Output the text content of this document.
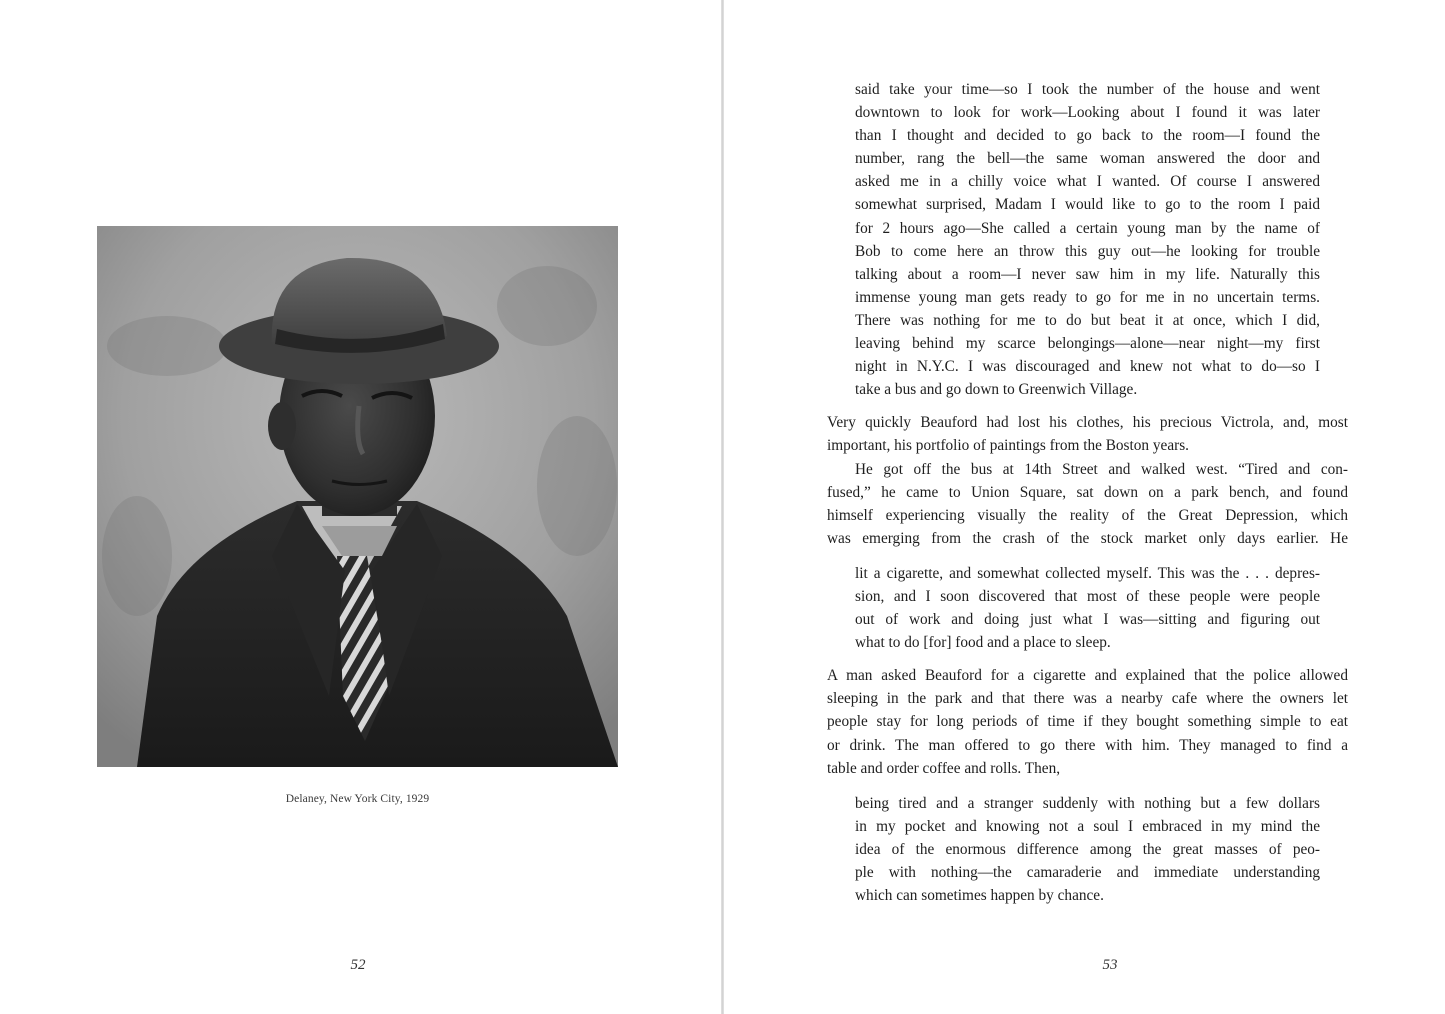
Delaney, New York City, 1929
52
said take your time—so I took the number of the house and went
downtown to look for work—Looking about I found it was later
than I thought and decided to go back to the room—I found the
number, rang the bell—the same woman answered the door and
asked me in a chilly voice what I wanted. Of course I answered
somewhat surprised, Madam I would like to go to the room I paid
for 2 hours ago—She called a certain young man by the name of
Bob to come here an throw this guy out—he looking for trouble
talking about a room—I never saw him in my life. Naturally this
immense young man gets ready to go for me in no uncertain terms.
There was nothing for me to do but beat it at once, which I did,
leaving behind my scarce belongings—alone—near night—my first
night in N.Y.C. I was discouraged and knew not what to do—so I
take a bus and go down to Greenwich Village.
Very quickly Beauford had lost his clothes, his precious Victrola, and, most
important, his portfolio of paintings from the Boston years.
He got off the bus at 14th Street and walked west. “Tired and con-
fused,” he came to Union Square, sat down on a park bench, and found
himself experiencing visually the reality of the Great Depression, which
was emerging from the crash of the stock market only days earlier. He
lit a cigarette, and somewhat collected myself. This was the . . . depres-
sion, and I soon discovered that most of these people were people
out of work and doing just what I was—sitting and figuring out
what to do [for] food and a place to sleep.
A man asked Beauford for a cigarette and explained that the police allowed
sleeping in the park and that there was a nearby cafe where the owners let
people stay for long periods of time if they bought something simple to eat
or drink. The man offered to go there with him. They managed to find a
table and order coffee and rolls. Then,
being tired and a stranger suddenly with nothing but a few dollars
in my pocket and knowing not a soul I embraced in my mind the
idea of the enormous difference among the great masses of peo-
ple with nothing—the camaraderie and immediate understanding
which can sometimes happen by chance.
53
